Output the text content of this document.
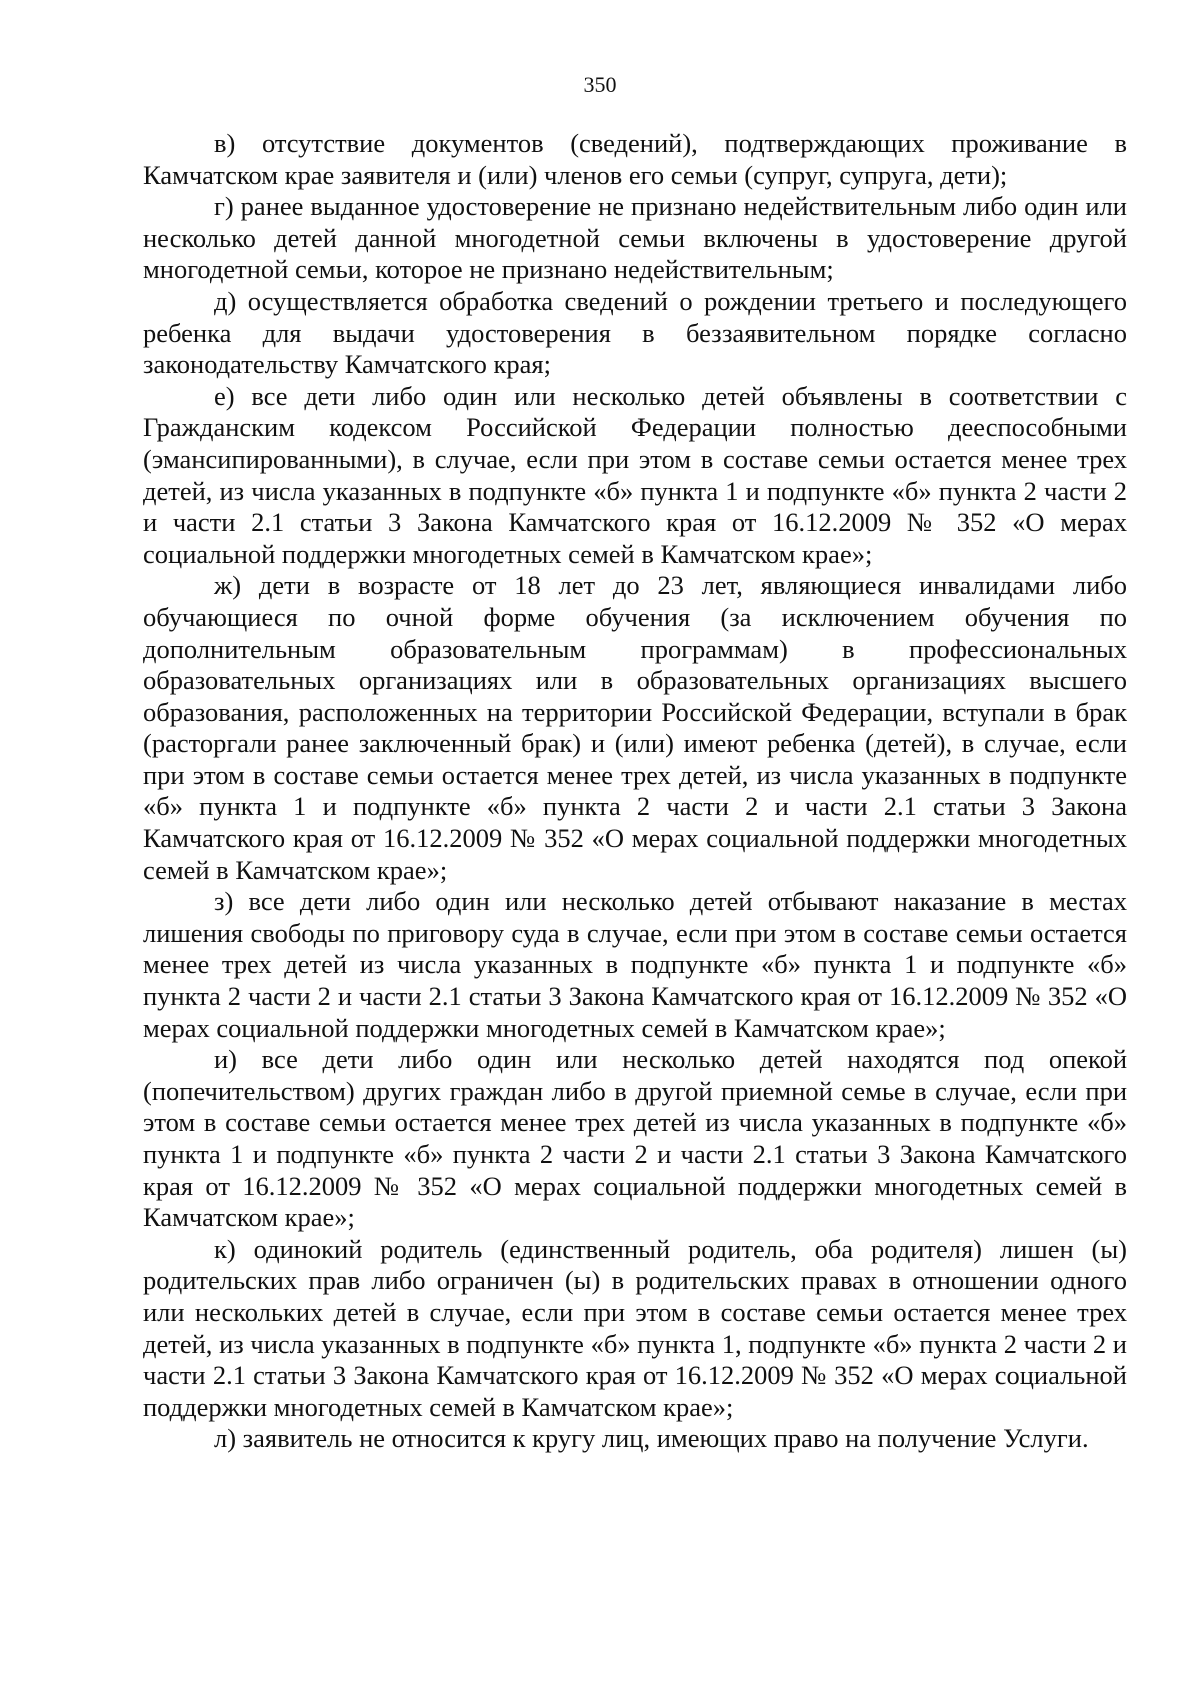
350

в) отсутствие документов (сведений), подтверждающих проживание в Камчатском крае заявителя и (или) членов его семьи (супруг, супруга, дети);

г) ранее выданное удостоверение не признано недействительным либо один или несколько детей данной многодетной семьи включены в удостоверение другой многодетной семьи, которое не признано недействительным;

д) осуществляется обработка сведений о рождении третьего и последующего ребенка для выдачи удостоверения в беззаявительном порядке согласно законодательству Камчатского края;

е) все дети либо один или несколько детей объявлены в соответствии с Гражданским кодексом Российской Федерации полностью дееспособными (эмансипированными), в случае, если при этом в составе семьи остается менее трех детей, из числа указанных в подпункте «б» пункта 1 и подпункте «б» пункта 2 части 2 и части 2.1 статьи 3 Закона Камчатского края от 16.12.2009 № 352 «О мерах социальной поддержки многодетных семей в Камчатском крае»;

ж) дети в возрасте от 18 лет до 23 лет, являющиеся инвалидами либо обучающиеся по очной форме обучения (за исключением обучения по дополнительным образовательным программам) в профессиональных образовательных организациях или в образовательных организациях высшего образования, расположенных на территории Российской Федерации, вступали в брак (расторгали ранее заключенный брак) и (или) имеют ребенка (детей), в случае, если при этом в составе семьи остается менее трех детей, из числа указанных в подпункте «б» пункта 1 и подпункте «б» пункта 2 части 2 и части 2.1 статьи 3 Закона Камчатского края от 16.12.2009 № 352 «О мерах социальной поддержки многодетных семей в Камчатском крае»;

з) все дети либо один или несколько детей отбывают наказание в местах лишения свободы по приговору суда в случае, если при этом в составе семьи остается менее трех детей из числа указанных в подпункте «б» пункта 1 и подпункте «б» пункта 2 части 2 и части 2.1 статьи 3 Закона Камчатского края от 16.12.2009 № 352 «О мерах социальной поддержки многодетных семей в Камчатском крае»;

и) все дети либо один или несколько детей находятся под опекой (попечительством) других граждан либо в другой приемной семье в случае, если при этом в составе семьи остается менее трех детей из числа указанных в подпункте «б» пункта 1 и подпункте «б» пункта 2 части 2 и части 2.1 статьи 3 Закона Камчатского края от 16.12.2009 № 352 «О мерах социальной поддержки многодетных семей в Камчатском крае»;

к) одинокий родитель (единственный родитель, оба родителя) лишен (ы) родительских прав либо ограничен (ы) в родительских правах в отношении одного или нескольких детей в случае, если при этом в составе семьи остается менее трех детей, из числа указанных в подпункте «б» пункта 1, подпункте «б» пункта 2 части 2 и части 2.1 статьи 3 Закона Камчатского края от 16.12.2009 № 352 «О мерах социальной поддержки многодетных семей в Камчатском крае»;

л) заявитель не относится к кругу лиц, имеющих право на получение Услуги.
